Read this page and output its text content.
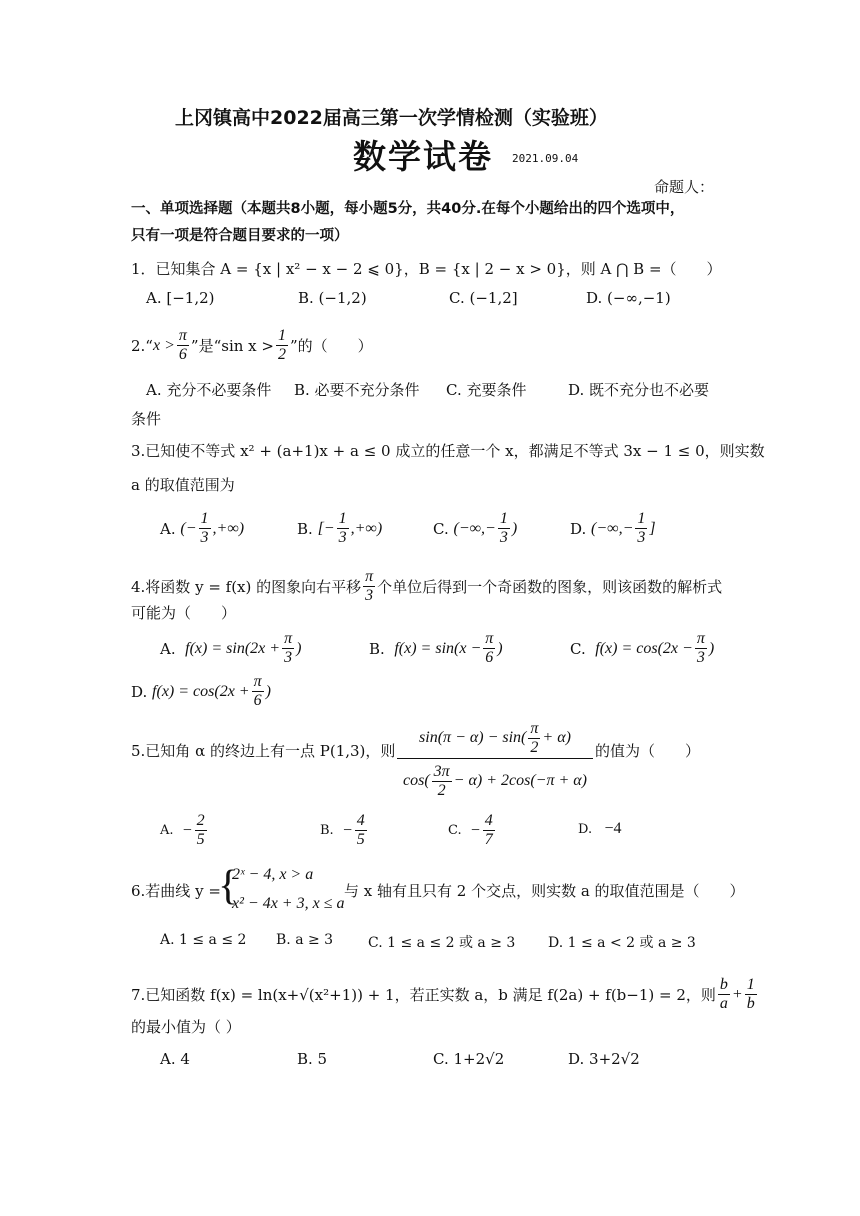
上冈镇高中2022届高三第一次学情检测（实验班）
数学试卷 2021.09.04
命题人：
一、单项选择题（本题共8小题，每小题5分，共40分.在每个小题给出的四个选项中，
只有一项是符合题目要求的一项）
1．已知集合 A = {x | x² − x − 2 ⩽ 0}，B = {x | 2 − x > 0}，则 A ⋂ B =（　　）
A. [−1,2)	B. (−1,2)	C. (−1,2]	D. (−∞,−1)
2.“ $x > \frac{\pi}{6}$ ”是“sin $x > \frac{1}{2}$ ”的（　　）
A. 充分不必要条件 B. 必要不充分条件 C. 充要条件	D. 既不充分也不必要
条件
3.已知使不等式 x² + (a+1)x + a ≤ 0 成立的任意一个 x，都满足不等式 3x − 1 ≤ 0，则实数
a 的取值范围为
A.
(− $\frac{1}{3}$ ,+∞)	B.
[− $\frac{1}{3}$ ,+∞)	C.
(−∞,− $\frac{1}{3}$ )	D.
(−∞,− $\frac{1}{3}$ ]
4.将函数 y = f(x) 的图象向右平移 $\frac{\pi}{3}$ 个单位后得到一个奇函数的图象，则该函数的解析式
可能为（　　）
A.
$f(x) = \sin(2x + \frac{\pi}{3}$ )	B.
$f(x) = \sin(x - \frac{\pi}{6}$ )	C.
$f(x) = \cos(2x - \frac{\pi}{3}$ )
D.
$f(x) = \cos(2x + \frac{\pi}{6}$ )
5.已知角 α 的终边上有一点 P(1,3)，则
$\sin(\pi - \alpha) - \sin( \frac{\pi}{2} + \alpha)$
$\cos( \frac{3\pi}{2} - \alpha) + 2\cos(-\pi + \alpha)$
的值为（　　）
A.
− $\frac{2}{5}$	B.
− $\frac{4}{5}$	C.
− $\frac{4}{7}$	D.
−4
6.若曲线 y =
{
2ˣ − 4, x > a
x² − 4x + 3, x ≤ a
与 x 轴有且只有 2 个交点，则实数 a 的取值范围是（　　）
A. 1 ≤ a ≤ 2 B. a ≥ 3 C. 1 ≤ a ≤ 2 或 a ≥ 3 D. 1 ≤ a < 2 或 a ≥ 3
7.已知函数 f(x) = ln(x+√(x²+1)) + 1，若正实数 a，b 满足 f(2a) + f(b−1) = 2，则 $\frac{b}{a} + \frac{1}{b}$
的最小值为（ ）
A. 4	B. 5	C. 1+2√2	D. 3+2√2
